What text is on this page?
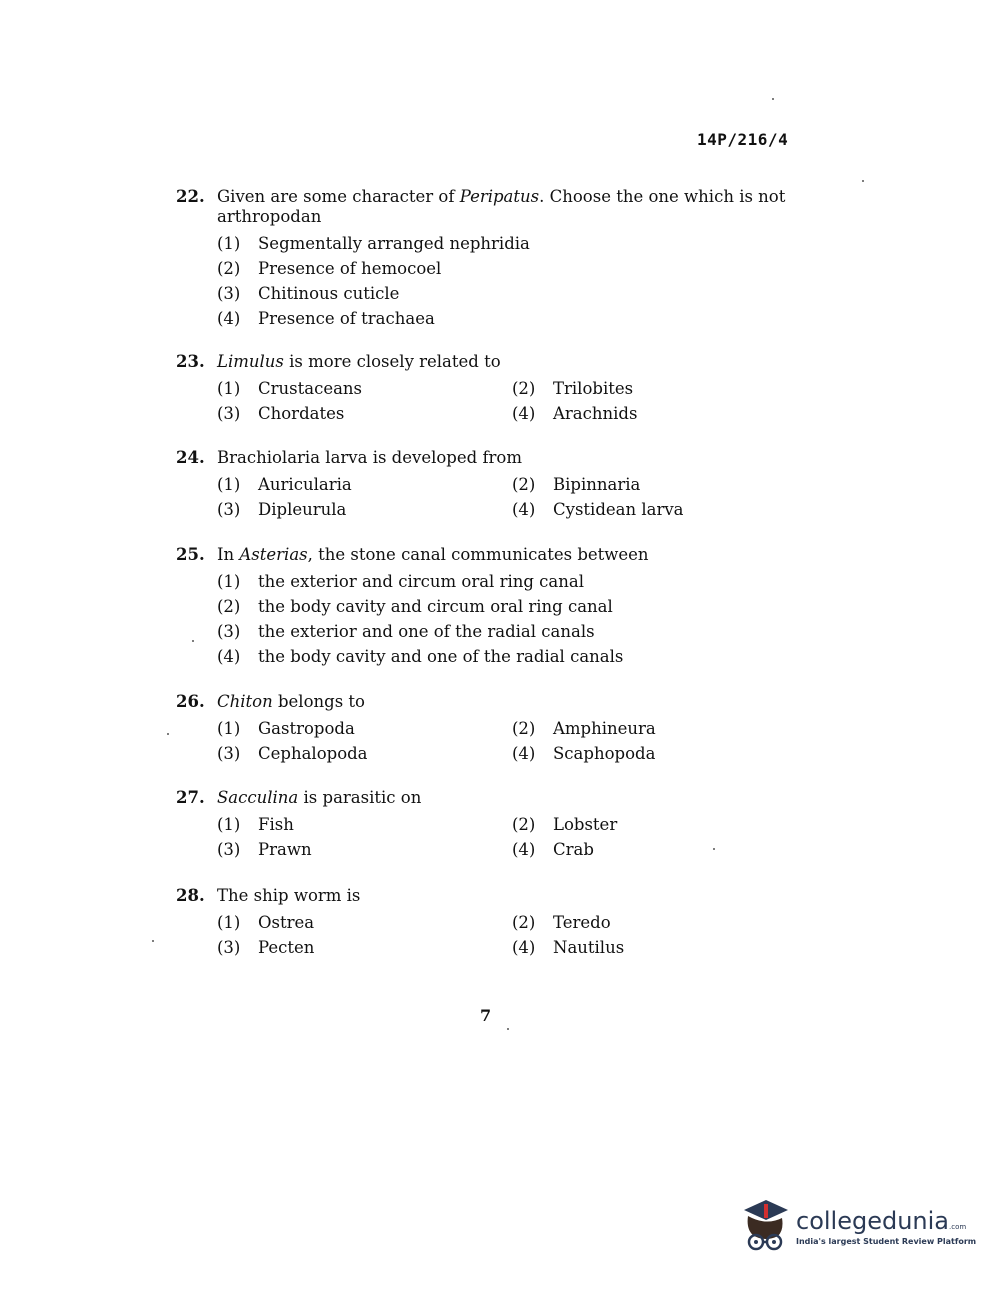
14P/216/4
22. Given are some character of Peripatus. Choose the one which is not arthropodan
(1)	Segmentally arranged nephridia
(2)	Presence of hemocoel
(3)	Chitinous cuticle
(4)	Presence of trachaea
23. Limulus is more closely related to
(1)	Crustaceans	(2)	Trilobites
(3)	Chordates	(4)	Arachnids
24. Brachiolaria larva is developed from
(1)	Auricularia	(2)	Bipinnaria
(3)	Dipleurula	(4)	Cystidean larva
25. In Asterias, the stone canal communicates between
(1)	the exterior and circum oral ring canal
(2)	the body cavity and circum oral ring canal
(3)	the exterior and one of the radial canals
(4)	the body cavity and one of the radial canals
26. Chiton belongs to
(1)	Gastropoda	(2)	Amphineura
(3)	Cephalopoda	(4)	Scaphopoda
27. Sacculina is parasitic on
(1)	Fish	(2)	Lobster
(3)	Prawn	(4)	Crab
28. The ship worm is
(1)	Ostrea	(2)	Teredo
(3)	Pecten	(4)	Nautilus
7
collegedunia.com
India's largest Student Review Platform
